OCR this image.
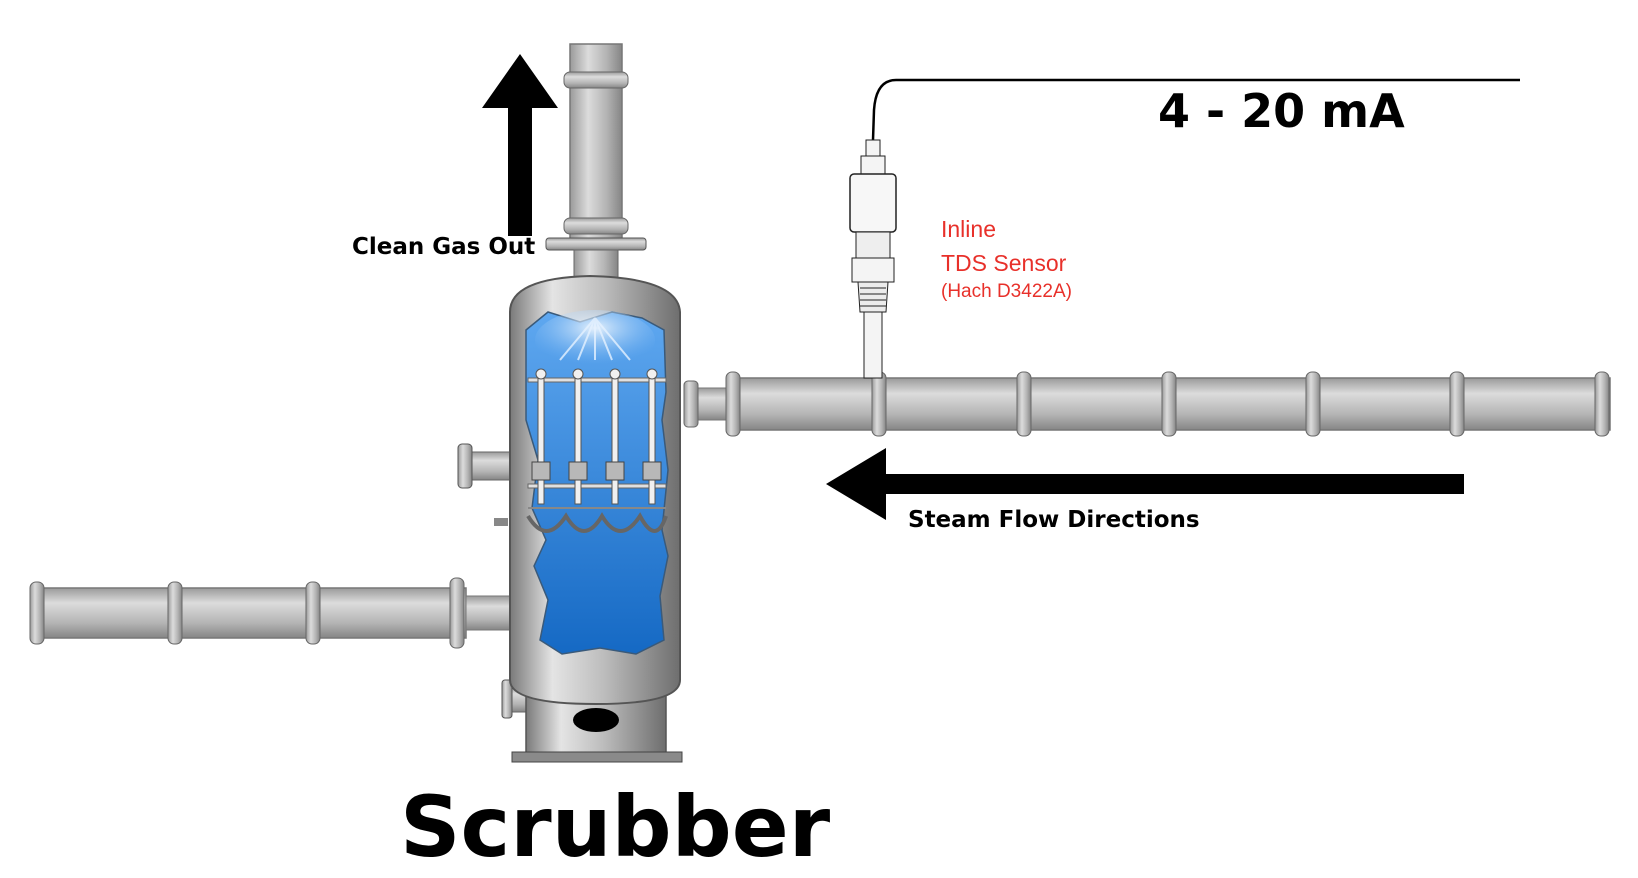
4 - 20 mA
Clean Gas Out
Steam Flow Directions
Scrubber
Inline
TDS Sensor
(Hach D3422A)
